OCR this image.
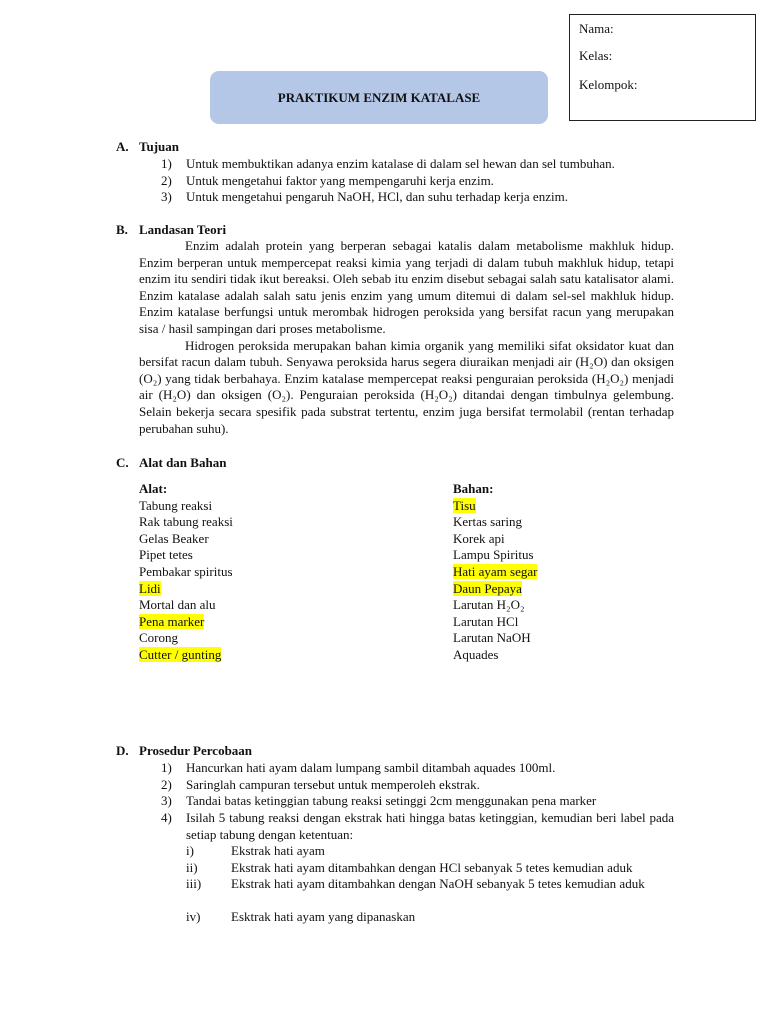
Nama:
Kelas:
Kelompok:
PRAKTIKUM ENZIM KATALASE
A. Tujuan
1) Untuk membuktikan adanya enzim katalase di dalam sel hewan dan sel tumbuhan.
2) Untuk mengetahui faktor yang mempengaruhi kerja enzim.
3) Untuk mengetahui pengaruh NaOH, HCl, dan suhu terhadap kerja enzim.
B. Landasan Teori

Enzim adalah protein yang berperan sebagai katalis dalam metabolisme makhluk hidup. Enzim berperan untuk mempercepat reaksi kimia yang terjadi di dalam tubuh makhluk hidup, tetapi enzim itu sendiri tidak ikut bereaksi. Oleh sebab itu enzim disebut sebagai salah satu katalisator alami. Enzim katalase adalah salah satu jenis enzim yang umum ditemui di dalam sel-sel makhluk hidup. Enzim katalase berfungsi untuk merombak hidrogen peroksida yang bersifat racun yang merupakan sisa / hasil sampingan dari proses metabolisme.

Hidrogen peroksida merupakan bahan kimia organik yang memiliki sifat oksidator kuat dan bersifat racun dalam tubuh. Senyawa peroksida harus segera diuraikan menjadi air (H₂O) dan oksigen (O₂) yang tidak berbahaya. Enzim katalase mempercepat reaksi penguraian peroksida (H₂O₂) menjadi air (H₂O) dan oksigen (O₂). Penguraian peroksida (H₂O₂) ditandai dengan timbulnya gelembung. Selain bekerja secara spesifik pada substrat tertentu, enzim juga bersifat termolabil (rentan terhadap perubahan suhu).

C. Alat dan Bahan
Alat:
Tabung reaksi
Rak tabung reaksi
Gelas Beaker
Pipet tetes
Pembakar spiritus
Lidi
Mortal dan alu
Pena marker
Corong
Cutter / gunting
Bahan:
Tisu
Kertas saring
Korek api
Lampu Spiritus
Hati ayam segar
Daun Pepaya
Larutan H₂O₂
Larutan HCl
Larutan NaOH
Aquades
D. Prosedur Percobaan
1) Hancurkan hati ayam dalam lumpang sambil ditambah aquades 100ml.
2) Saringlah campuran tersebut untuk memperoleh ekstrak.
3) Tandai batas ketinggian tabung reaksi setinggi 2cm menggunakan pena marker
4) Isilah 5 tabung reaksi dengan ekstrak hati hingga batas ketinggian, kemudian beri label pada setiap tabung dengan ketentuan:
i)	Ekstrak hati ayam
ii)	Ekstrak hati ayam ditambahkan dengan HCl sebanyak 5 tetes kemudian aduk
iii) Ekstrak hati ayam ditambahkan dengan NaOH sebanyak 5 tetes kemudian aduk
iv) Esktrak hati ayam yang dipanaskan
